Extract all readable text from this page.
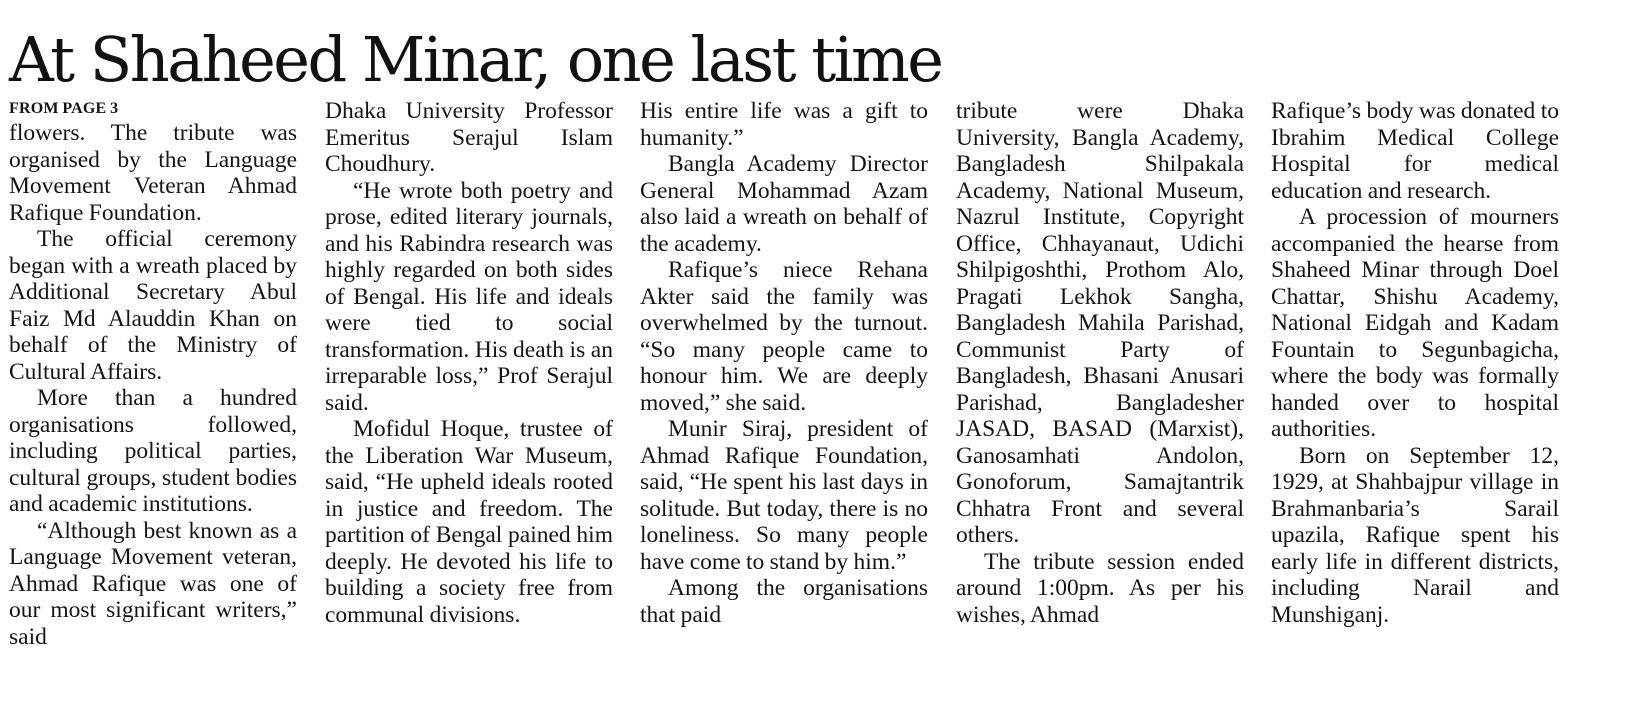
At Shaheed Minar, one last time
FROM PAGE 3

flowers. The tribute was organised by the Language Movement Veteran Ahmad Rafique Foundation.

The official ceremony began with a wreath placed by Additional Secretary Abul Faiz Md Alauddin Khan on behalf of the Ministry of Cultural Affairs.

More than a hundred organisations followed, including political parties, cultural groups, student bodies and academic institutions.

“Although best known as a Language Movement veteran, Ahmad Rafique was one of our most significant writers,” said

Dhaka University Professor Emeritus Serajul Islam Choudhury.

“He wrote both poetry and prose, edited literary journals, and his Rabindra research was highly regarded on both sides of Bengal. His life and ideals were tied to social transformation. His death is an irreparable loss,” Prof Serajul said.

Mofidul Hoque, trustee of the Liberation War Museum, said, “He upheld ideals rooted in justice and freedom. The partition of Bengal pained him deeply. He devoted his life to building a society free from communal divisions.

His entire life was a gift to humanity.”

Bangla Academy Director General Mohammad Azam also laid a wreath on behalf of the academy.

Rafique’s niece Rehana Akter said the family was overwhelmed by the turnout. “So many people came to honour him. We are deeply moved,” she said.

Munir Siraj, president of Ahmad Rafique Foundation, said, “He spent his last days in solitude. But today, there is no loneliness. So many people have come to stand by him.”

Among the organisations that paid

tribute were Dhaka University, Bangla Academy, Bangladesh Shilpakala Academy, National Museum, Nazrul Institute, Copyright Office, Chhayanaut, Udichi Shilpigoshthi, Prothom Alo, Pragati Lekhok Sangha, Bangladesh Mahila Parishad, Communist Party of Bangladesh, Bhasani Anusari Parishad, Bangladesher JASAD, BASAD (Marxist), Ganosamhati Andolon, Gonoforum, Samajtantrik Chhatra Front and several others.

The tribute session ended around 1:00pm. As per his wishes, Ahmad

Rafique’s body was donated to Ibrahim Medical College Hospital for medical education and research.

A procession of mourners accompanied the hearse from Shaheed Minar through Doel Chattar, Shishu Academy, National Eidgah and Kadam Fountain to Segunbagicha, where the body was formally handed over to hospital authorities.

Born on September 12, 1929, at Shahbajpur village in Brahmanbaria’s Sarail upazila, Rafique spent his early life in different districts, including Narail and Munshiganj.
